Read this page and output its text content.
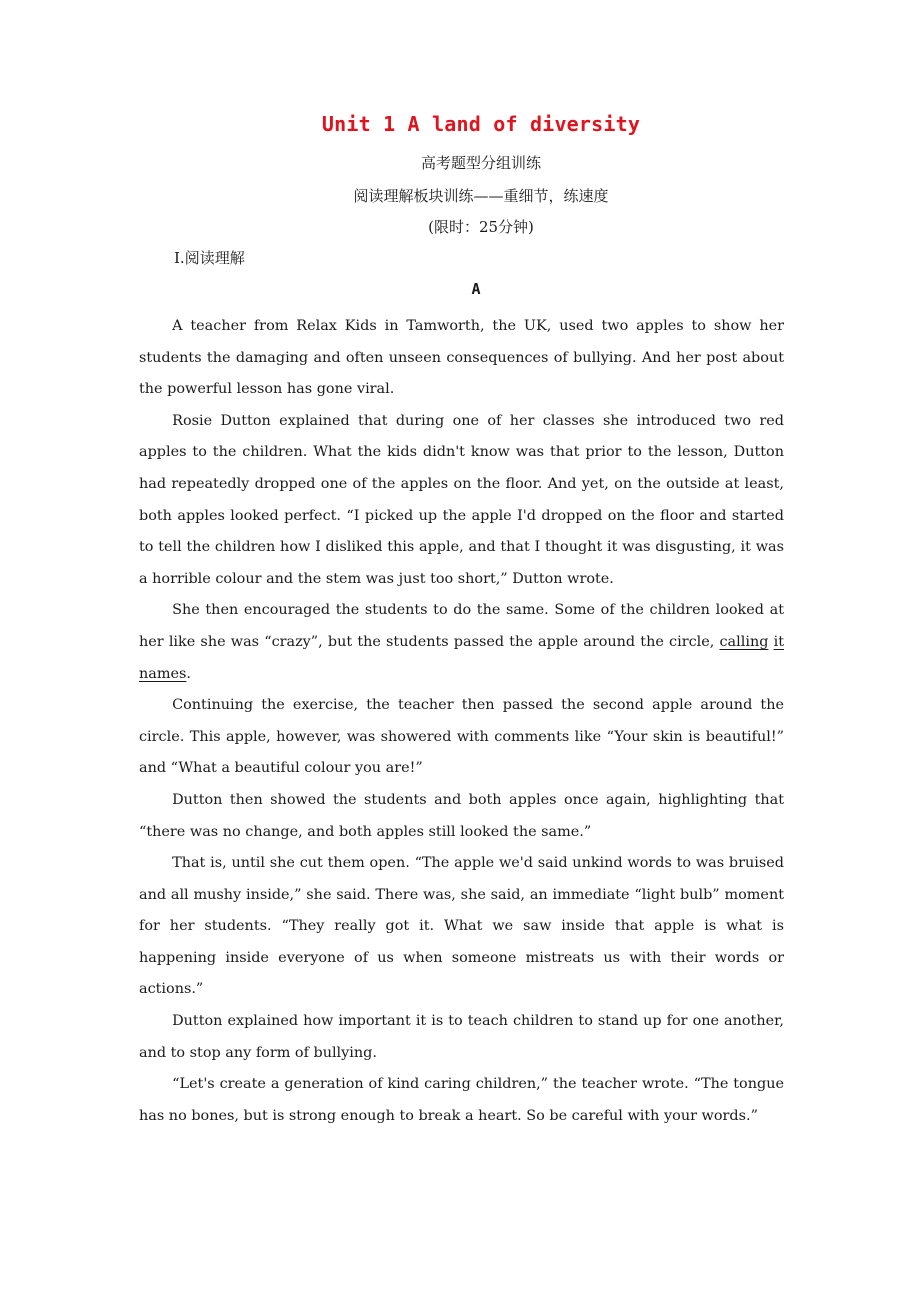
Unit 1 A land of diversity
高考题型分组训练
阅读理解板块训练——重细节，练速度
(限时：25分钟)
Ⅰ.阅读理解
A

A teacher from Relax Kids in Tamworth, the UK, used two apples to show her students the damaging and often unseen consequences of bullying. And her post about the powerful lesson has gone viral.

Rosie Dutton explained that during one of her classes she introduced two red apples to the children. What the kids didn't know was that prior to the lesson, Dutton had repeatedly dropped one of the apples on the floor. And yet, on the outside at least, both apples looked perfect. “I picked up the apple I'd dropped on the floor and started to tell the children how I disliked this apple, and that I thought it was disgusting, it was a horrible colour and the stem was just too short,” Dutton wrote.

She then encouraged the students to do the same. Some of the children looked at her like she was “crazy”, but the students passed the apple around the circle, calling it names.

Continuing the exercise, the teacher then passed the second apple around the circle. This apple, however, was showered with comments like “Your skin is beautiful!” and “What a beautiful colour you are!”

Dutton then showed the students and both apples once again, highlighting that “there was no change, and both apples still looked the same.”

That is, until she cut them open. “The apple we'd said unkind words to was bruised and all mushy inside,” she said. There was, she said, an immediate “light bulb” moment for her students. “They really got it. What we saw inside that apple is what is happening inside everyone of us when someone mistreats us with their words or actions.”

Dutton explained how important it is to teach children to stand up for one another, and to stop any form of bullying.

“Let's create a generation of kind caring children,” the teacher wrote. “The tongue has no bones, but is strong enough to break a heart. So be careful with your words.”
